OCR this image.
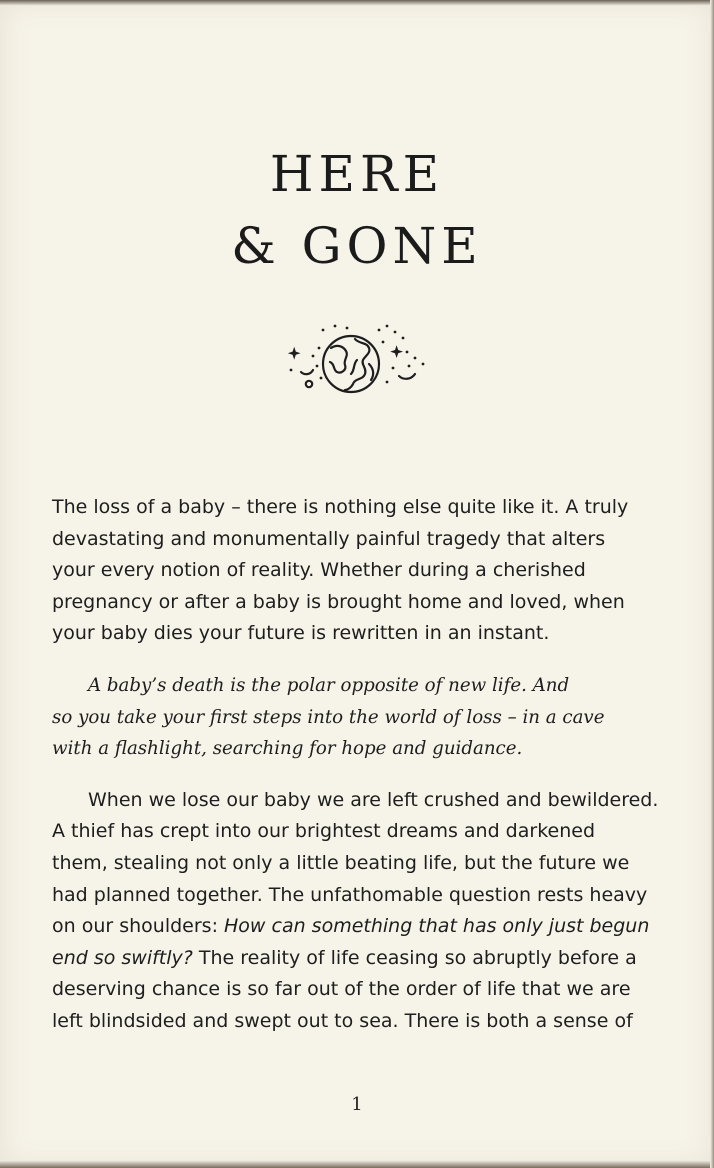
HERE
& GONE

The loss of a baby – there is nothing else quite like it. A truly
devastating and monumentally painful tragedy that alters
your every notion of reality. Whether during a cherished
pregnancy or after a baby is brought home and loved, when
your baby dies your future is rewritten in an instant.

A baby’s death is the polar opposite of new life. And
so you take your first steps into the world of loss – in a cave
with a flashlight, searching for hope and guidance.

When we lose our baby we are left crushed and bewildered.
A thief has crept into our brightest dreams and darkened
them, stealing not only a little beating life, but the future we
had planned together. The unfathomable question rests heavy
on our shoulders: How can something that has only just begun
end so swiftly? The reality of life ceasing so abruptly before a
deserving chance is so far out of the order of life that we are
left blindsided and swept out to sea. There is both a sense of

1
